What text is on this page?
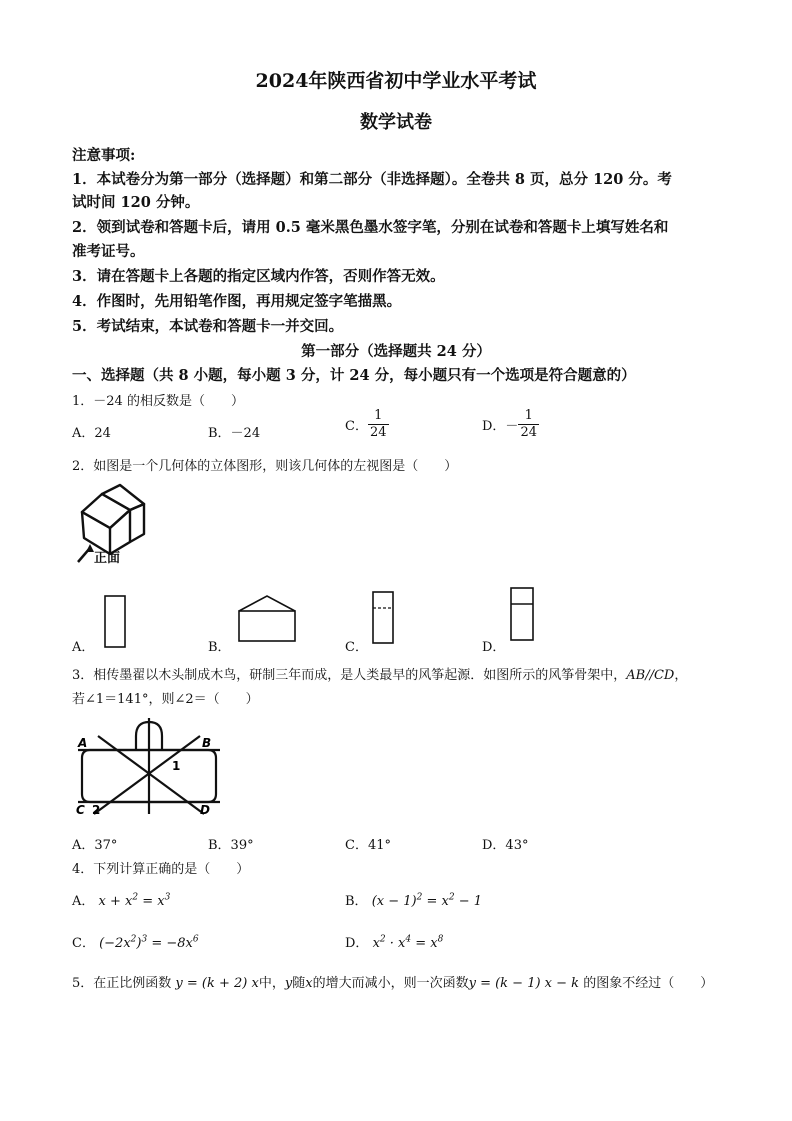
2024年陕西省初中学业水平考试
数学试卷
注意事项:
1．本试卷分为第一部分（选择题）和第二部分（非选择题）。全卷共 8 页，总分 120 分。考
试时间 120 分钟。
2．领到试卷和答题卡后，请用 0.5 毫米黑色墨水签字笔，分别在试卷和答题卡上填写姓名和
准考证号。
3．请在答题卡上各题的指定区域内作答，否则作答无效。
4．作图时，先用铅笔作图，再用规定签字笔描黑。
5．考试结束，本试卷和答题卡一并交回。
第一部分（选择题共 24 分）
一、选择题（共 8 小题，每小题 3 分，计 24 分，每小题只有一个选项是符合题意的）
1．－24 的相反数是（　　）
A．24	B．－24	C． $\frac{1}{24}$	D．－ $\frac{1}{24}$
2．如图是一个几何体的立体图形，则该几何体的左视图是（　　）
正面
A．	B．	C．	D．
3．相传墨翟以木头制成木鸟，研制三年而成，是人类最早的风筝起源．如图所示的风筝骨架中，AB//CD，
若∠1＝141°，则∠2＝（　　）
A	B
C	D
1
2
A．37°	B．39°	C．41°	D．43°
4．下列计算正确的是（　　）
A． $x + x^2 = x^3$	B． $(x - 1)^2 = x^2 - 1$
C． $(-2x^2)^3 = -8x^6$	D． $x^2 \cdot x^4 = x^8$
5．在正比例函数 y = (k + 2) x中，y随x的增大而减小，则一次函数y = (k − 1) x − k 的图象不经过（　　）
